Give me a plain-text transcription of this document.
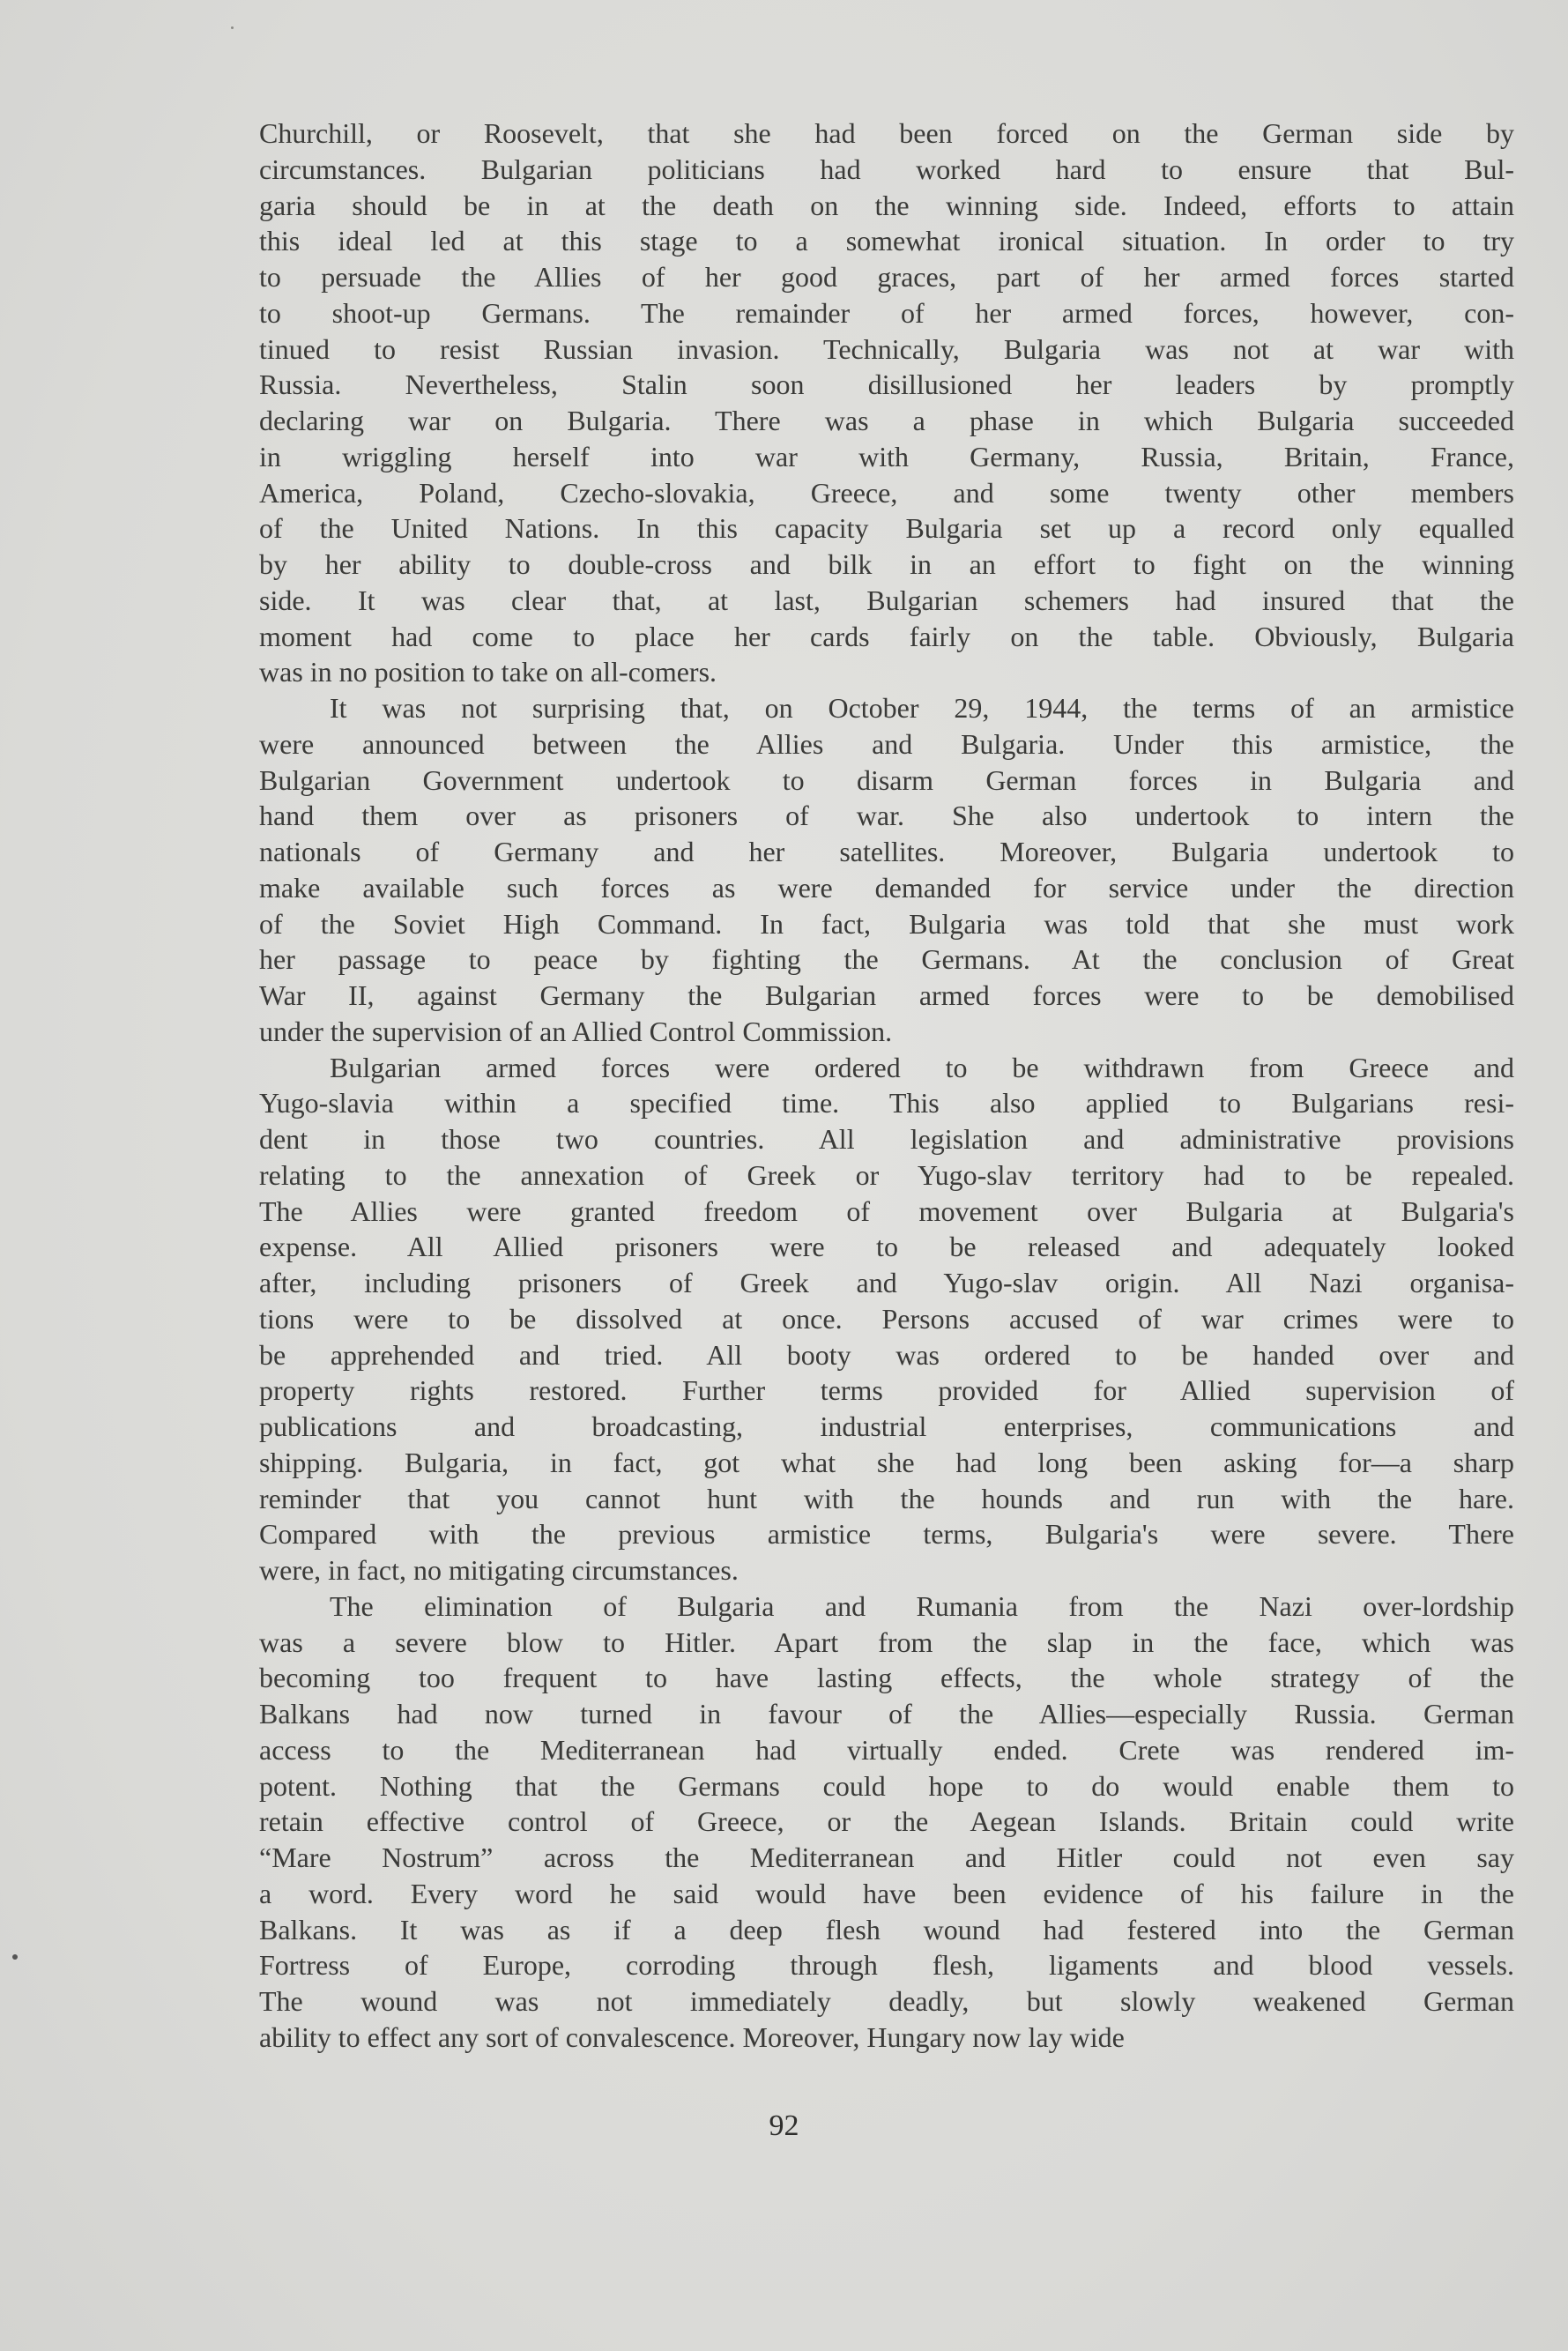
Churchill, or Roosevelt, that she had been forced on the German side by
circumstances. Bulgarian politicians had worked hard to ensure that Bul-
garia should be in at the death on the winning side. Indeed, efforts to attain
this ideal led at this stage to a somewhat ironical situation. In order to try
to persuade the Allies of her good graces, part of her armed forces started
to shoot-up Germans. The remainder of her armed forces, however, con-
tinued to resist Russian invasion. Technically, Bulgaria was not at war with
Russia. Nevertheless, Stalin soon disillusioned her leaders by promptly
declaring war on Bulgaria. There was a phase in which Bulgaria succeeded
in wriggling herself into war with Germany, Russia, Britain, France,
America, Poland, Czecho-slovakia, Greece, and some twenty other members
of the United Nations. In this capacity Bulgaria set up a record only equalled
by her ability to double-cross and bilk in an effort to fight on the winning
side. It was clear that, at last, Bulgarian schemers had insured that the
moment had come to place her cards fairly on the table. Obviously, Bulgaria
was in no position to take on all-comers.
It was not surprising that, on October 29, 1944, the terms of an armistice
were announced between the Allies and Bulgaria. Under this armistice, the
Bulgarian Government undertook to disarm German forces in Bulgaria and
hand them over as prisoners of war. She also undertook to intern the
nationals of Germany and her satellites. Moreover, Bulgaria undertook to
make available such forces as were demanded for service under the direction
of the Soviet High Command. In fact, Bulgaria was told that she must work
her passage to peace by fighting the Germans. At the conclusion of Great
War II, against Germany the Bulgarian armed forces were to be demobilised
under the supervision of an Allied Control Commission.
Bulgarian armed forces were ordered to be withdrawn from Greece and
Yugo-slavia within a specified time. This also applied to Bulgarians resi-
dent in those two countries. All legislation and administrative provisions
relating to the annexation of Greek or Yugo-slav territory had to be repealed.
The Allies were granted freedom of movement over Bulgaria at Bulgaria's
expense. All Allied prisoners were to be released and adequately looked
after, including prisoners of Greek and Yugo-slav origin. All Nazi organisa-
tions were to be dissolved at once. Persons accused of war crimes were to
be apprehended and tried. All booty was ordered to be handed over and
property rights restored. Further terms provided for Allied supervision of
publications and broadcasting, industrial enterprises, communications and
shipping. Bulgaria, in fact, got what she had long been asking for—a sharp
reminder that you cannot hunt with the hounds and run with the hare.
Compared with the previous armistice terms, Bulgaria's were severe. There
were, in fact, no mitigating circumstances.
The elimination of Bulgaria and Rumania from the Nazi over-lordship
was a severe blow to Hitler. Apart from the slap in the face, which was
becoming too frequent to have lasting effects, the whole strategy of the
Balkans had now turned in favour of the Allies—especially Russia. German
access to the Mediterranean had virtually ended. Crete was rendered im-
potent. Nothing that the Germans could hope to do would enable them to
retain effective control of Greece, or the Aegean Islands. Britain could write
“Mare Nostrum” across the Mediterranean and Hitler could not even say
a word. Every word he said would have been evidence of his failure in the
Balkans. It was as if a deep flesh wound had festered into the German
Fortress of Europe, corroding through flesh, ligaments and blood vessels.
The wound was not immediately deadly, but slowly weakened German
ability to effect any sort of convalescence. Moreover, Hungary now lay wide
92
